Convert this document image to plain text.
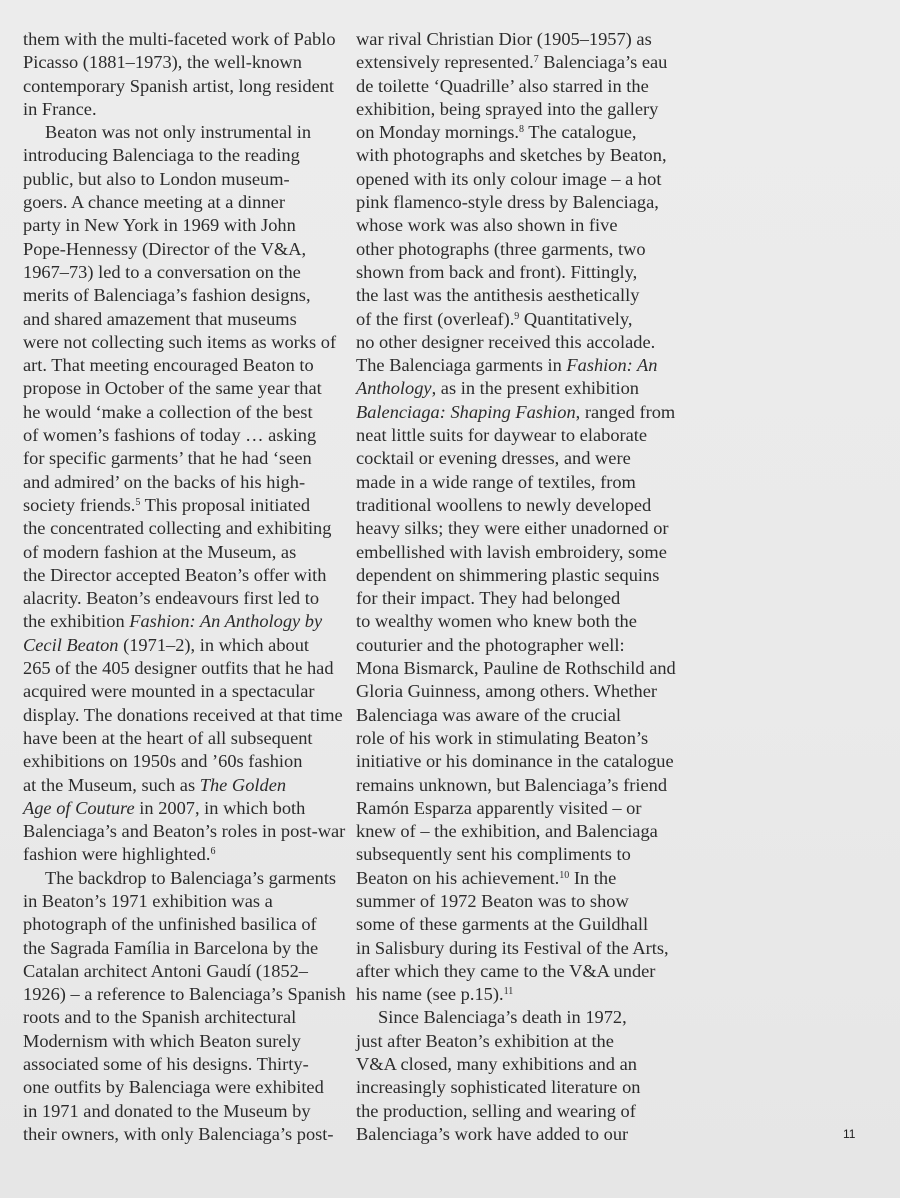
them with the multi-faceted work of Pablo

Picasso (1881–1973), the well-known

contemporary Spanish artist, long resident

in France.

Beaton was not only instrumental in

introducing Balenciaga to the reading

public, but also to London museum-

goers. A chance meeting at a dinner

party in New York in 1969 with John

Pope-Hennessy (Director of the V&A,

1967–73) led to a conversation on the

merits of Balenciaga’s fashion designs,

and shared amazement that museums

were not collecting such items as works of

art. That meeting encouraged Beaton to

propose in October of the same year that

he would ‘make a collection of the best

of women’s fashions of today … asking

for specific garments’ that he had ‘seen

and admired’ on the backs of his high-

society friends.$^5$ This proposal initiated

the concentrated collecting and exhibiting

of modern fashion at the Museum, as

the Director accepted Beaton’s offer with

alacrity. Beaton’s endeavours first led to

the exhibition Fashion: An Anthology by

Cecil Beaton (1971–2), in which about

265 of the 405 designer outfits that he had

acquired were mounted in a spectacular

display. The donations received at that time

have been at the heart of all subsequent

exhibitions on 1950s and ’60s fashion

at the Museum, such as The Golden

Age of Couture in 2007, in which both

Balenciaga’s and Beaton’s roles in post-war

fashion were highlighted.$^6$

The backdrop to Balenciaga’s garments

in Beaton’s 1971 exhibition was a

photograph of the unfinished basilica of

the Sagrada Família in Barcelona by the

Catalan architect Antoni Gaudí (1852–

1926) – a reference to Balenciaga’s Spanish

roots and to the Spanish architectural

Modernism with which Beaton surely

associated some of his designs. Thirty-

one outfits by Balenciaga were exhibited

in 1971 and donated to the Museum by

their owners, with only Balenciaga’s post-

war rival Christian Dior (1905–1957) as

extensively represented.$^7$ Balenciaga’s eau

de toilette ‘Quadrille’ also starred in the

exhibition, being sprayed into the gallery

on Monday mornings.$^8$ The catalogue,

with photographs and sketches by Beaton,

opened with its only colour image – a hot

pink flamenco-style dress by Balenciaga,

whose work was also shown in five

other photographs (three garments, two

shown from back and front). Fittingly,

the last was the antithesis aesthetically

of the first (overleaf).$^9$ Quantitatively,

no other designer received this accolade.

The Balenciaga garments in Fashion: An

Anthology, as in the present exhibition

Balenciaga: Shaping Fashion, ranged from

neat little suits for daywear to elaborate

cocktail or evening dresses, and were

made in a wide range of textiles, from

traditional woollens to newly developed

heavy silks; they were either unadorned or

embellished with lavish embroidery, some

dependent on shimmering plastic sequins

for their impact. They had belonged

to wealthy women who knew both the

couturier and the photographer well:

Mona Bismarck, Pauline de Rothschild and

Gloria Guinness, among others. Whether

Balenciaga was aware of the crucial

role of his work in stimulating Beaton’s

initiative or his dominance in the catalogue

remains unknown, but Balenciaga’s friend

Ramón Esparza apparently visited – or

knew of – the exhibition, and Balenciaga

subsequently sent his compliments to

Beaton on his achievement.$^{10}$ In the

summer of 1972 Beaton was to show

some of these garments at the Guildhall

in Salisbury during its Festival of the Arts,

after which they came to the V&A under

his name (see p.15).$^{11}$

Since Balenciaga’s death in 1972,

just after Beaton’s exhibition at the

V&A closed, many exhibitions and an

increasingly sophisticated literature on

the production, selling and wearing of

Balenciaga’s work have added to our	11
